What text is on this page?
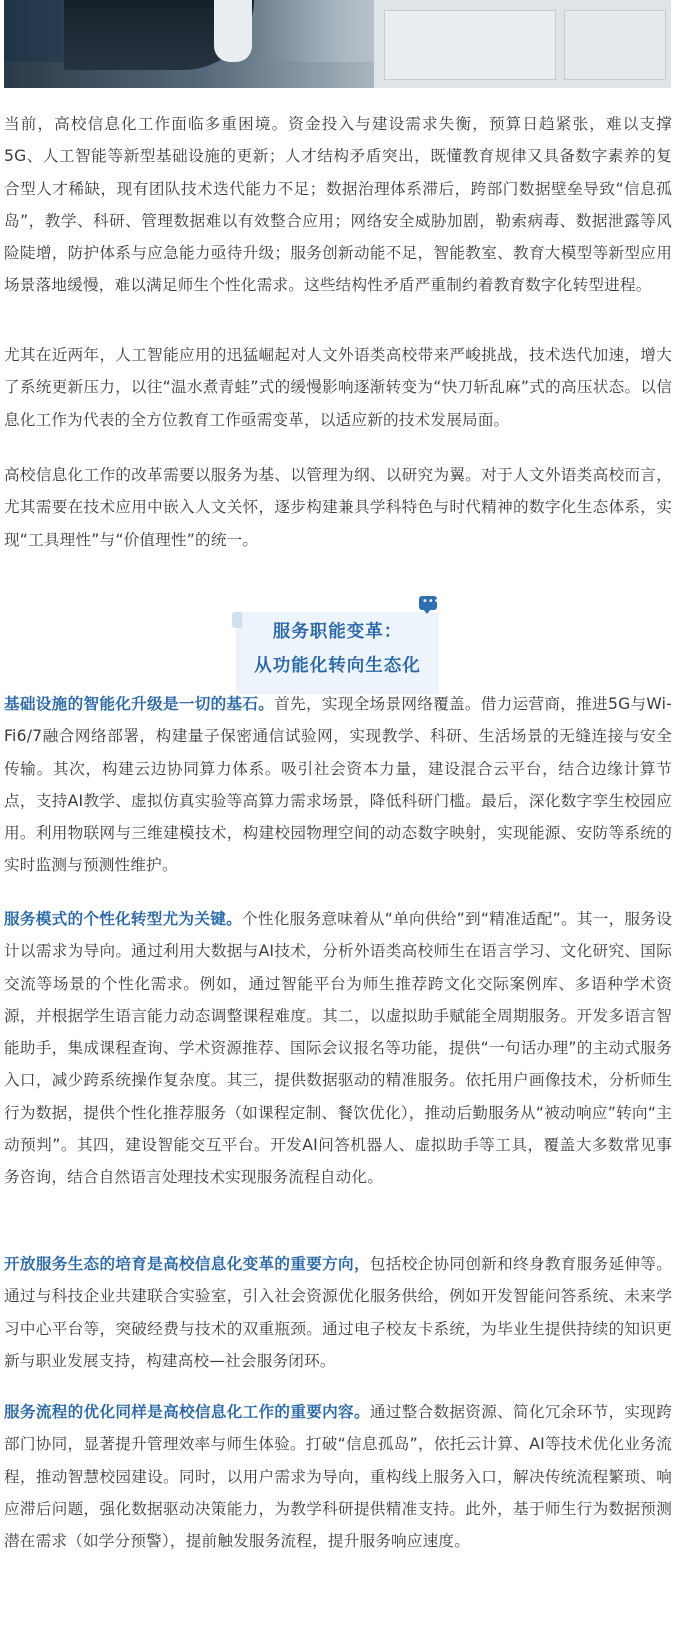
当前，高校信息化工作面临多重困境。资金投入与建设需求失衡，预算日趋紧张，难以支撑5G、人工智能等新型基础设施的更新；人才结构矛盾突出，既懂教育规律又具备数字素养的复合型人才稀缺，现有团队技术迭代能力不足；数据治理体系滞后，跨部门数据壁垒导致“信息孤岛”，教学、科研、管理数据难以有效整合应用；网络安全威胁加剧，勒索病毒、数据泄露等风险陡增，防护体系与应急能力亟待升级；服务创新动能不足，智能教室、教育大模型等新型应用场景落地缓慢，难以满足师生个性化需求。这些结构性矛盾严重制约着教育数字化转型进程。

尤其在近两年，人工智能应用的迅猛崛起对人文外语类高校带来严峻挑战，技术迭代加速，增大了系统更新压力，以往“温水煮青蛙”式的缓慢影响逐渐转变为“快刀斩乱麻”式的高压状态。以信息化工作为代表的全方位教育工作亟需变革，以适应新的技术发展局面。

高校信息化工作的改革需要以服务为基、以管理为纲、以研究为翼。对于人文外语类高校而言，尤其需要在技术应用中嵌入人文关怀，逐步构建兼具学科特色与时代精神的数字化生态体系，实现“工具理性”与“价值理性”的统一。

•••
服务职能变革：
从功能化转向生态化

基础设施的智能化升级是一切的基石。首先，实现全场景网络覆盖。借力运营商，推进5G与Wi-Fi6/7融合网络部署，构建量子保密通信试验网，实现教学、科研、生活场景的无缝连接与安全传输。其次，构建云边协同算力体系。吸引社会资本力量，建设混合云平台，结合边缘计算节点，支持AI教学、虚拟仿真实验等高算力需求场景，降低科研门槛。最后，深化数字孪生校园应用。利用物联网与三维建模技术，构建校园物理空间的动态数字映射，实现能源、安防等系统的实时监测与预测性维护。

服务模式的个性化转型尤为关键。个性化服务意味着从“单向供给”到“精准适配”。其一，服务设计以需求为导向。通过利用大数据与AI技术，分析外语类高校师生在语言学习、文化研究、国际交流等场景的个性化需求。例如，通过智能平台为师生推荐跨文化交际案例库、多语种学术资源，并根据学生语言能力动态调整课程难度。其二，以虚拟助手赋能全周期服务。开发多语言智能助手，集成课程查询、学术资源推荐、国际会议报名等功能，提供“一句话办理”的主动式服务入口，减少跨系统操作复杂度。其三，提供数据驱动的精准服务。依托用户画像技术，分析师生行为数据，提供个性化推荐服务（如课程定制、餐饮优化），推动后勤服务从“被动响应”转向“主动预判”。其四，建设智能交互平台。开发AI问答机器人、虚拟助手等工具，覆盖大多数常见事务咨询，结合自然语言处理技术实现服务流程自动化。

开放服务生态的培育是高校信息化变革的重要方向，包括校企协同创新和终身教育服务延伸等。通过与科技企业共建联合实验室，引入社会资源优化服务供给，例如开发智能问答系统、未来学习中心平台等，突破经费与技术的双重瓶颈。通过电子校友卡系统，为毕业生提供持续的知识更新与职业发展支持，构建高校—社会服务闭环。

服务流程的优化同样是高校信息化工作的重要内容。通过整合数据资源、简化冗余环节，实现跨部门协同，显著提升管理效率与师生体验。打破“信息孤岛”，依托云计算、AI等技术优化业务流程，推动智慧校园建设。同时，以用户需求为导向，重构线上服务入口，解决传统流程繁琐、响应滞后问题，强化数据驱动决策能力，为教学科研提供精准支持。此外，基于师生行为数据预测潜在需求（如学分预警），提前触发服务流程，提升服务响应速度。
